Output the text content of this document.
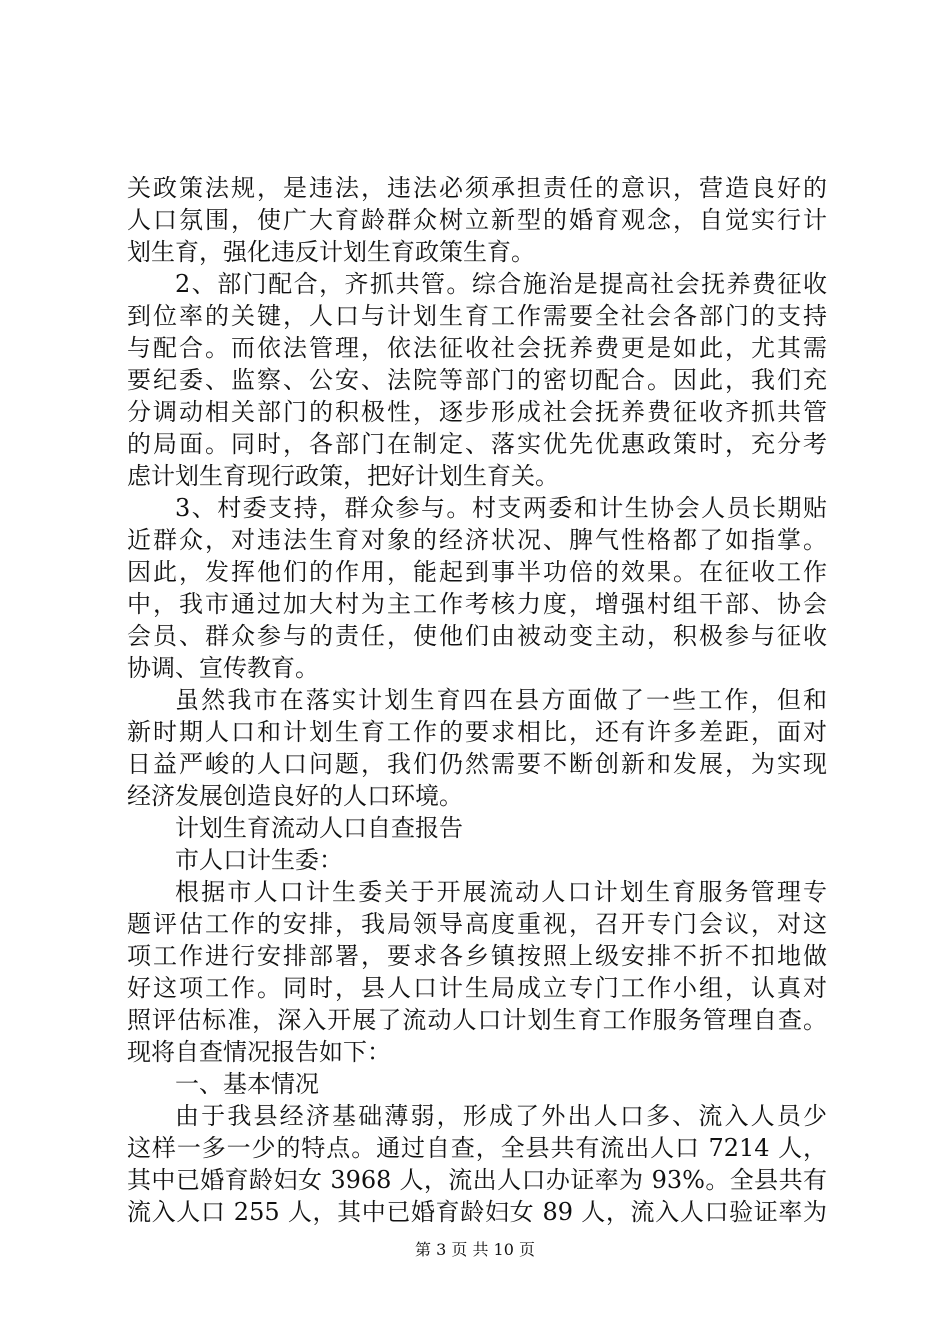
关政策法规，是违法，违法必须承担责任的意识，营造良好的
人口氛围，使广大育龄群众树立新型的婚育观念，自觉实行计
划生育，强化违反计划生育政策生育。
2、部门配合，齐抓共管。综合施治是提高社会抚养费征收
到位率的关键，人口与计划生育工作需要全社会各部门的支持
与配合。而依法管理，依法征收社会抚养费更是如此，尤其需
要纪委、监察、公安、法院等部门的密切配合。因此，我们充
分调动相关部门的积极性，逐步形成社会抚养费征收齐抓共管
的局面。同时，各部门在制定、落实优先优惠政策时，充分考
虑计划生育现行政策，把好计划生育关。
3、村委支持，群众参与。村支两委和计生协会人员长期贴
近群众，对违法生育对象的经济状况、脾气性格都了如指掌。
因此，发挥他们的作用，能起到事半功倍的效果。在征收工作
中，我市通过加大村为主工作考核力度，增强村组干部、协会
会员、群众参与的责任，使他们由被动变主动，积极参与征收
协调、宣传教育。
虽然我市在落实计划生育四在县方面做了一些工作，但和
新时期人口和计划生育工作的要求相比，还有许多差距，面对
日益严峻的人口问题，我们仍然需要不断创新和发展，为实现
经济发展创造良好的人口环境。
计划生育流动人口自查报告
市人口计生委：
根据市人口计生委关于开展流动人口计划生育服务管理专
题评估工作的安排，我局领导高度重视，召开专门会议，对这
项工作进行安排部署，要求各乡镇按照上级安排不折不扣地做
好这项工作。同时，县人口计生局成立专门工作小组，认真对
照评估标准，深入开展了流动人口计划生育工作服务管理自查。
现将自查情况报告如下：
一、基本情况
由于我县经济基础薄弱，形成了外出人口多、流入人员少
这样一多一少的特点。通过自查，全县共有流出人口 7214 人，
其中已婚育龄妇女 3968 人，流出人口办证率为 93%。全县共有
流入人口 255 人，其中已婚育龄妇女 89 人，流入人口验证率为
第 3 页 共 10 页
